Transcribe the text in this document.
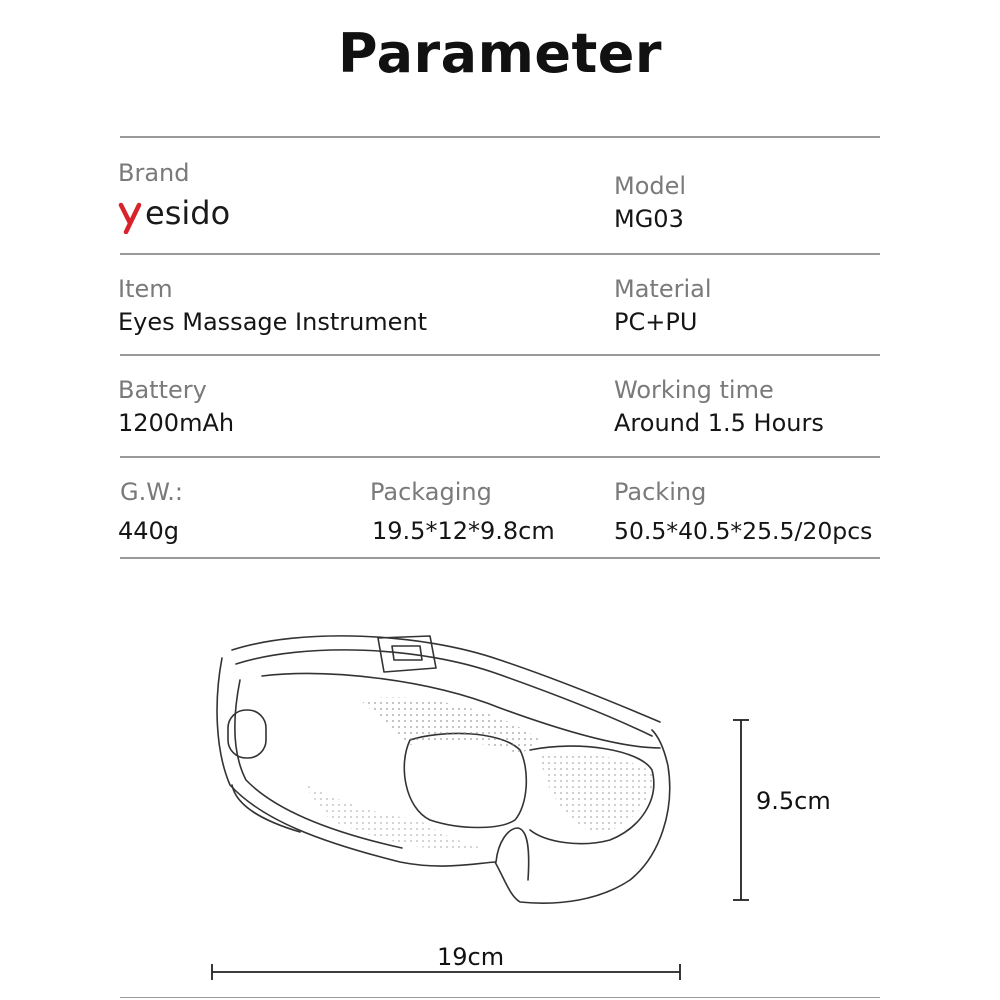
Parameter
Brand
esido
Model
MG03
Item
Eyes Massage Instrument
Material
PC+PU
Battery
1200mAh
Working time
Around 1.5 Hours
G.W.:
440g
Packaging
19.5*12*9.8cm
Packing
50.5*40.5*25.5/20pcs
9.5cm
19cm
